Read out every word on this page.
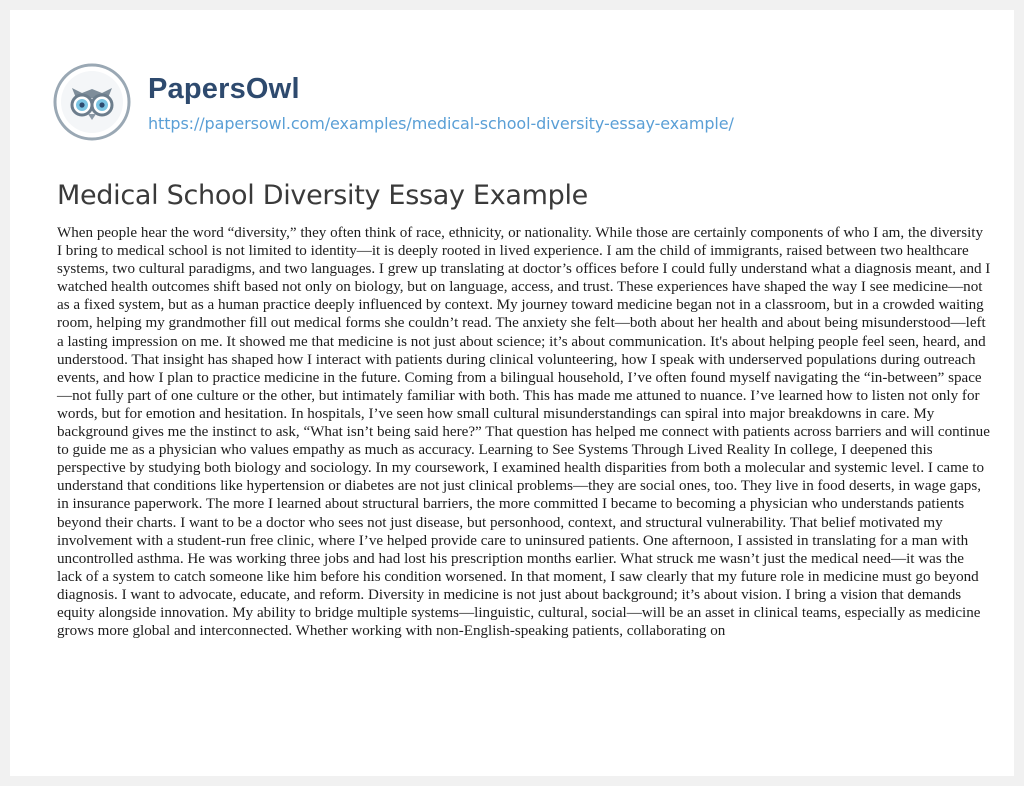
PapersOwl
https://papersowl.com/examples/medical-school-diversity-essay-example/
Medical School Diversity Essay Example

When people hear the word “diversity,” they often think of race, ethnicity, or nationality. While those are certainly components of who I am, the diversity I bring to medical school is not limited to identity—it is deeply rooted in lived experience. I am the child of immigrants, raised between two healthcare systems, two cultural paradigms, and two languages. I grew up translating at doctor’s offices before I could fully understand what a diagnosis meant, and I watched health outcomes shift based not only on biology, but on language, access, and trust. These experiences have shaped the way I see medicine—not as a fixed system, but as a human practice deeply influenced by context. My journey toward medicine began not in a classroom, but in a crowded waiting room, helping my grandmother fill out medical forms she couldn’t read. The anxiety she felt—both about her health and about being misunderstood—left a lasting impression on me. It showed me that medicine is not just about science; it’s about communication. It's about helping people feel seen, heard, and understood. That insight has shaped how I interact with patients during clinical volunteering, how I speak with underserved populations during outreach events, and how I plan to practice medicine in the future. Coming from a bilingual household, I’ve often found myself navigating the “in-between” space—not fully part of one culture or the other, but intimately familiar with both. This has made me attuned to nuance. I’ve learned how to listen not only for words, but for emotion and hesitation. In hospitals, I’ve seen how small cultural misunderstandings can spiral into major breakdowns in care. My background gives me the instinct to ask, “What isn’t being said here?” That question has helped me connect with patients across barriers and will continue to guide me as a physician who values empathy as much as accuracy. Learning to See Systems Through Lived Reality In college, I deepened this perspective by studying both biology and sociology. In my coursework, I examined health disparities from both a molecular and systemic level. I came to understand that conditions like hypertension or diabetes are not just clinical problems—they are social ones, too. They live in food deserts, in wage gaps, in insurance paperwork. The more I learned about structural barriers, the more committed I became to becoming a physician who understands patients beyond their charts. I want to be a doctor who sees not just disease, but personhood, context, and structural vulnerability. That belief motivated my involvement with a student-run free clinic, where I’ve helped provide care to uninsured patients. One afternoon, I assisted in translating for a man with uncontrolled asthma. He was working three jobs and had lost his prescription months earlier. What struck me wasn’t just the medical need—it was the lack of a system to catch someone like him before his condition worsened. In that moment, I saw clearly that my future role in medicine must go beyond diagnosis. I want to advocate, educate, and reform. Diversity in medicine is not just about background; it’s about vision. I bring a vision that demands equity alongside innovation. My ability to bridge multiple systems—linguistic, cultural, social—will be an asset in clinical teams, especially as medicine grows more global and interconnected. Whether working with non-English-speaking patients, collaborating on
